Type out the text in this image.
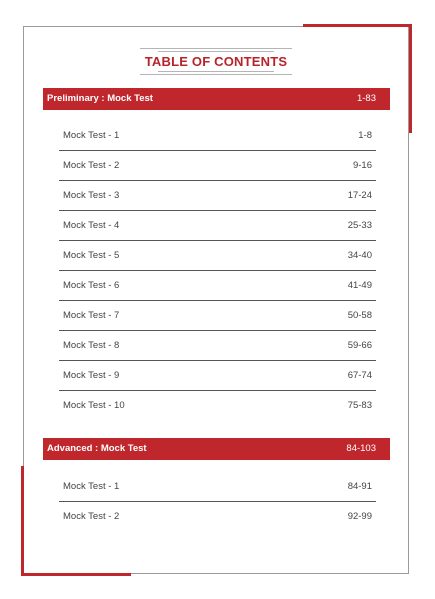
TABLE OF CONTENTS
Preliminary : Mock Test	1-83
Mock Test - 1	1-8
Mock Test - 2	9-16
Mock Test - 3	17-24
Mock Test - 4	25-33
Mock Test - 5	34-40
Mock Test - 6	41-49
Mock Test - 7	50-58
Mock Test - 8	59-66
Mock Test - 9	67-74
Mock Test - 10	75-83
Advanced : Mock Test	84-103
Mock Test - 1	84-91
Mock Test - 2	92-99
